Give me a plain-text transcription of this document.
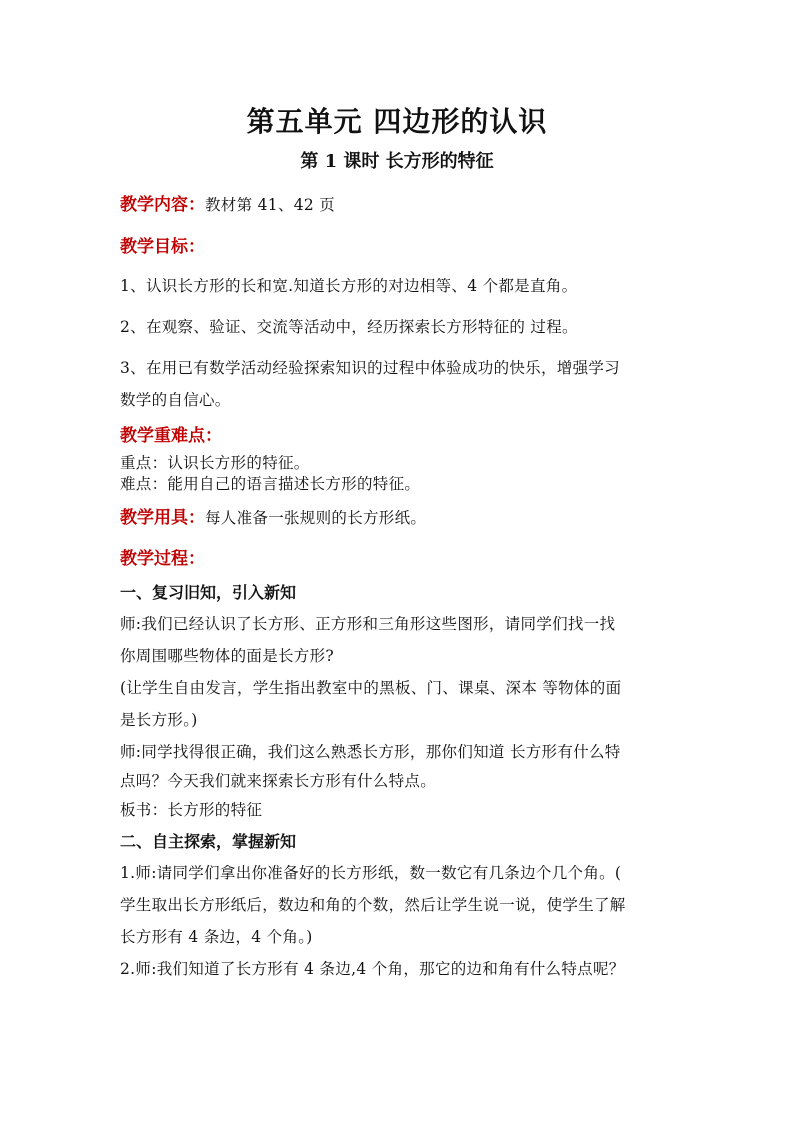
第五单元 四边形的认识
第 1 课时 长方形的特征
教学内容：教材第 41、42 页
教学目标：
1、认识长方形的长和宽.知道长方形的对边相等、4 个都是直角。
2、在观察、验证、交流等活动中，经历探索长方形特征的 过程。
3、在用已有数学活动经验探索知识的过程中体验成功的快乐，增强学习
数学的自信心。
教学重难点：
重点：认识长方形的特征。
难点：能用自己的语言描述长方形的特征。
教学用具：每人准备一张规则的长方形纸。
教学过程：
一、复习旧知，引入新知
师:我们已经认识了长方形、正方形和三角形这些图形，请同学们找一找
你周围哪些物体的面是长方形?
(让学生自由发言，学生指出教室中的黑板、门、课桌、深本 等物体的面
是长方形。)
师:同学找得很正确，我们这么熟悉长方形，那你们知道 长方形有什么特
点吗？今天我们就来探索长方形有什么特点。
板书：长方形的特征
二、自主探索，掌握新知
1.师:请同学们拿出你准备好的长方形纸，数一数它有几条边个几个角。(
学生取出长方形纸后，数边和角的个数，然后让学生说一说，使学生了解
长方形有 4 条边，4 个角。)
2.师:我们知道了长方形有 4 条边,4 个角，那它的边和角有什么特点呢？
